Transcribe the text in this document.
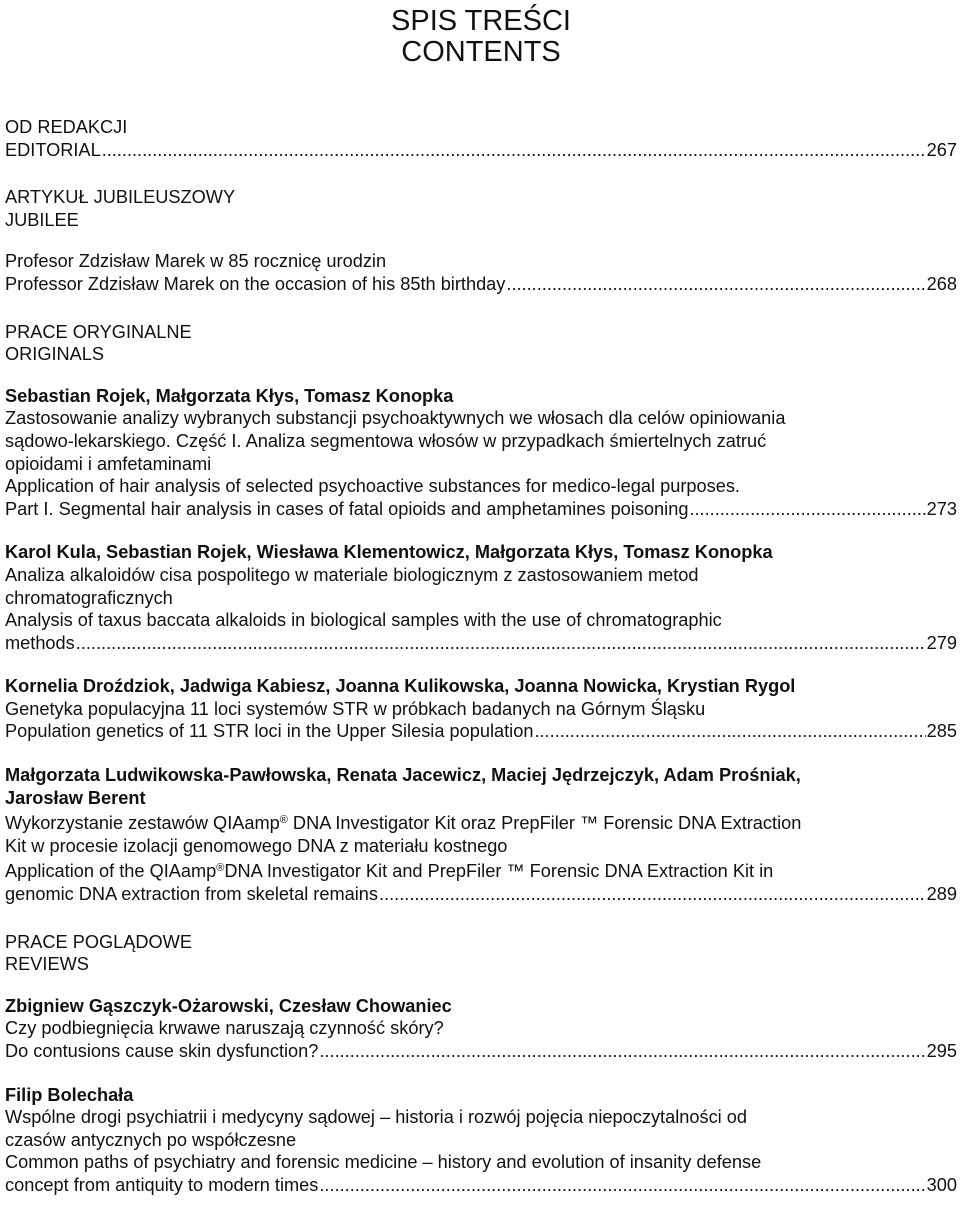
SPIS TREŚCI
CONTENTS
OD REDAKCJI
EDITORIAL .....	267
ARTYKUŁ JUBILEUSZOWY
JUBILEE
Profesor Zdzisław Marek w 85 rocznicę urodzin
Professor Zdzisław Marek on the occasion of his 85th birthday .....	268
PRACE ORYGINALNE
ORIGINALS
Sebastian Rojek, Małgorzata Kłys, Tomasz Konopka
Zastosowanie analizy wybranych substancji psychoaktywnych we włosach dla celów opiniowania
sądowo-lekarskiego. Część I. Analiza segmentowa włosów w przypadkach śmiertelnych zatruć
opioidami i amfetaminami
Application of hair analysis of selected psychoactive substances for medico-legal purposes.
Part I. Segmental hair analysis in cases of fatal opioids and amphetamines poisoning .....	273
Karol Kula, Sebastian Rojek, Wiesława Klementowicz, Małgorzata Kłys, Tomasz Konopka
Analiza alkaloidów cisa pospolitego w materiale biologicznym z zastosowaniem metod
chromatograficznych
Analysis of taxus baccata alkaloids in biological samples with the use of chromatographic
methods .....	279
Kornelia Droździok, Jadwiga Kabiesz, Joanna Kulikowska, Joanna Nowicka, Krystian Rygol
Genetyka populacyjna 11 loci systemów STR w próbkach badanych na Górnym Śląsku
Population genetics of 11 STR loci in the Upper Silesia population .....	285
Małgorzata Ludwikowska-Pawłowska, Renata Jacewicz, Maciej Jędrzejczyk, Adam Prośniak,
Jarosław Berent
Wykorzystanie zestawów QIAamp® DNA Investigator Kit oraz PrepFiler ™ Forensic DNA Extraction
Kit w procesie izolacji genomowego DNA z materiału kostnego
Application of the QIAamp®DNA Investigator Kit and PrepFiler ™ Forensic DNA Extraction Kit in
genomic DNA extraction from skeletal remains .....	289
PRACE POGLĄDOWE
REVIEWS
Zbigniew Gąszczyk-Ożarowski, Czesław Chowaniec
Czy podbiegnięcia krwawe naruszają czynność skóry?
Do contusions cause skin dysfunction? .....	295
Filip Bolechała
Wspólne drogi psychiatrii i medycyny sądowej – historia i rozwój pojęcia niepoczytalności od
czasów antycznych po współczesne
Common paths of psychiatry and forensic medicine – history and evolution of insanity defense
concept from antiquity to modern times .....	300
